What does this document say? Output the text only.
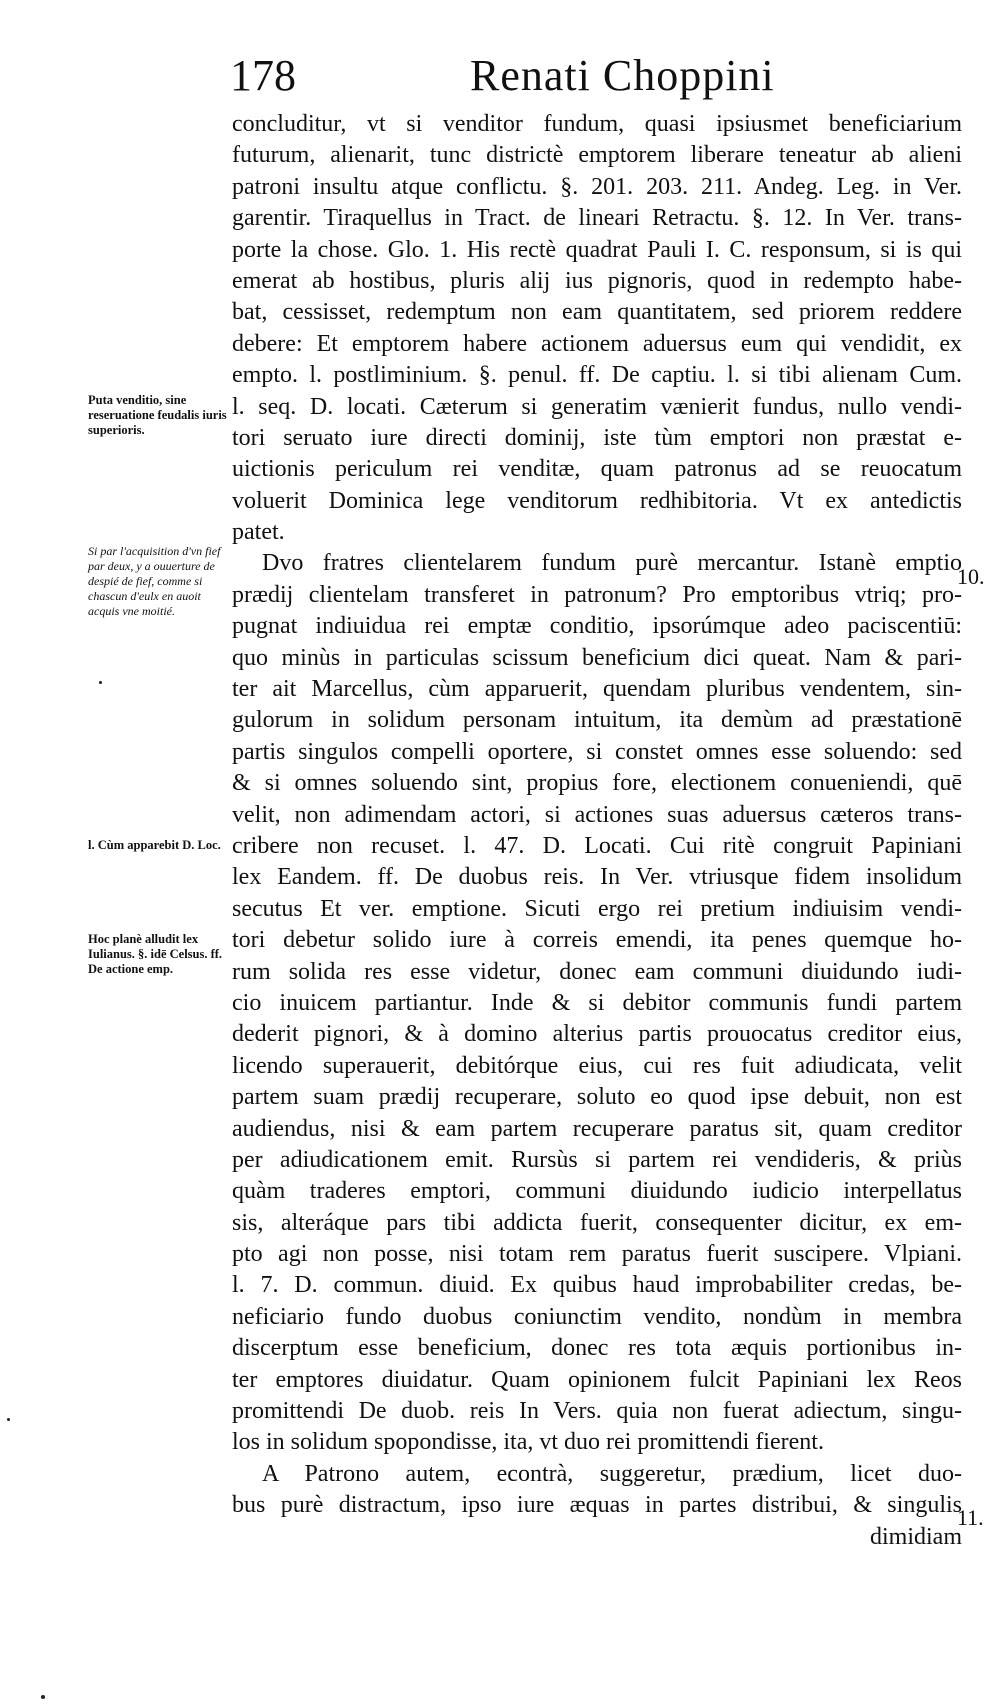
178	Renati Choppini
concluditur, vt si venditor fundum, quasi ipsiusmet beneficiarium
futurum, alienarit, tunc districtè emptorem liberare teneatur ab alieni
patroni insultu atque conflictu. §. 201. 203. 211. Andeg. Leg. in Ver.
garentir. Tiraquellus in Tract. de lineari Retractu. §. 12. In Ver. trans-
porte la chose. Glo. 1. His rectè quadrat Pauli I. C. responsum, si is qui
emerat ab hostibus, pluris alij ius pignoris, quod in redempto habe-
bat, cessisset, redemptum non eam quantitatem, sed priorem reddere
debere: Et emptorem habere actionem aduersus eum qui vendidit, ex
empto. l. postliminium. §. penul. ff. De captiu. l. si tibi alienam Cum.
l. seq. D. locati. Cæterum si generatim vænierit fundus, nullo vendi-
tori seruato iure directi dominij, iste tùm emptori non præstat e-
uictionis periculum rei venditæ, quam patronus ad se reuocatum
voluerit Dominica lege venditorum redhibitoria. Vt ex antedictis
patet.
Dvo fratres clientelarem fundum purè mercantur. Istanè emptio
prædij clientelam transferet in patronum? Pro emptoribus vtriq; pro-
pugnat indiuidua rei emptæ conditio, ipsorúmque adeo paciscentiū:
quo minùs in particulas scissum beneficium dici queat. Nam & pari-
ter ait Marcellus, cùm apparuerit, quendam pluribus vendentem, sin-
gulorum in solidum personam intuitum, ita demùm ad præstationē
partis singulos compelli oportere, si constet omnes esse soluendo: sed
& si omnes soluendo sint, propius fore, electionem conueniendi, quē
velit, non adimendam actori, si actiones suas aduersus cæteros trans-
cribere non recuset. l. 47. D. Locati. Cui ritè congruit Papiniani
lex Eandem. ff. De duobus reis. In Ver. vtriusque fidem insolidum
secutus Et ver. emptione. Sicuti ergo rei pretium indiuisim vendi-
tori debetur solido iure à correis emendi, ita penes quemque ho-
rum solida res esse videtur, donec eam communi diuidundo iudi-
cio inuicem partiantur. Inde & si debitor communis fundi partem
dederit pignori, & à domino alterius partis prouocatus creditor eius,
licendo superauerit, debitórque eius, cui res fuit adiudicata, velit
partem suam prædij recuperare, soluto eo quod ipse debuit, non est
audiendus, nisi & eam partem recuperare paratus sit, quam creditor
per adiudicationem emit. Rursùs si partem rei vendideris, & priùs
quàm traderes emptori, communi diuidundo iudicio interpellatus
sis, alteráque pars tibi addicta fuerit, consequenter dicitur, ex em-
pto agi non posse, nisi totam rem paratus fuerit suscipere. Vlpiani.
l. 7. D. commun. diuid. Ex quibus haud improbabiliter credas, be-
neficiario fundo duobus coniunctim vendito, nondùm in membra
discerptum esse beneficium, donec res tota æquis portionibus in-
ter emptores diuidatur. Quam opinionem fulcit Papiniani lex Reos
promittendi De duob. reis In Vers. quia non fuerat adiectum, singu-
los in solidum spopondisse, ita, vt duo rei promittendi fierent.
A Patrono autem, econtrà, suggeretur, prædium, licet duo-
bus purè distractum, ipso iure æquas in partes distribui, & singulis
dimidiam
Puta venditio, sine reseruatione feudalis iuris superioris.
Si par l'acquisition d'vn fief par deux, y a ouuerture de despié de fief, comme si chascun d'eulx en auoit acquis vne moitié.
l. Cùm apparebit D. Loc.
Hoc planè alludit lex Iulianus. §. idē Celsus. ff. De actione emp.
10.
11.
